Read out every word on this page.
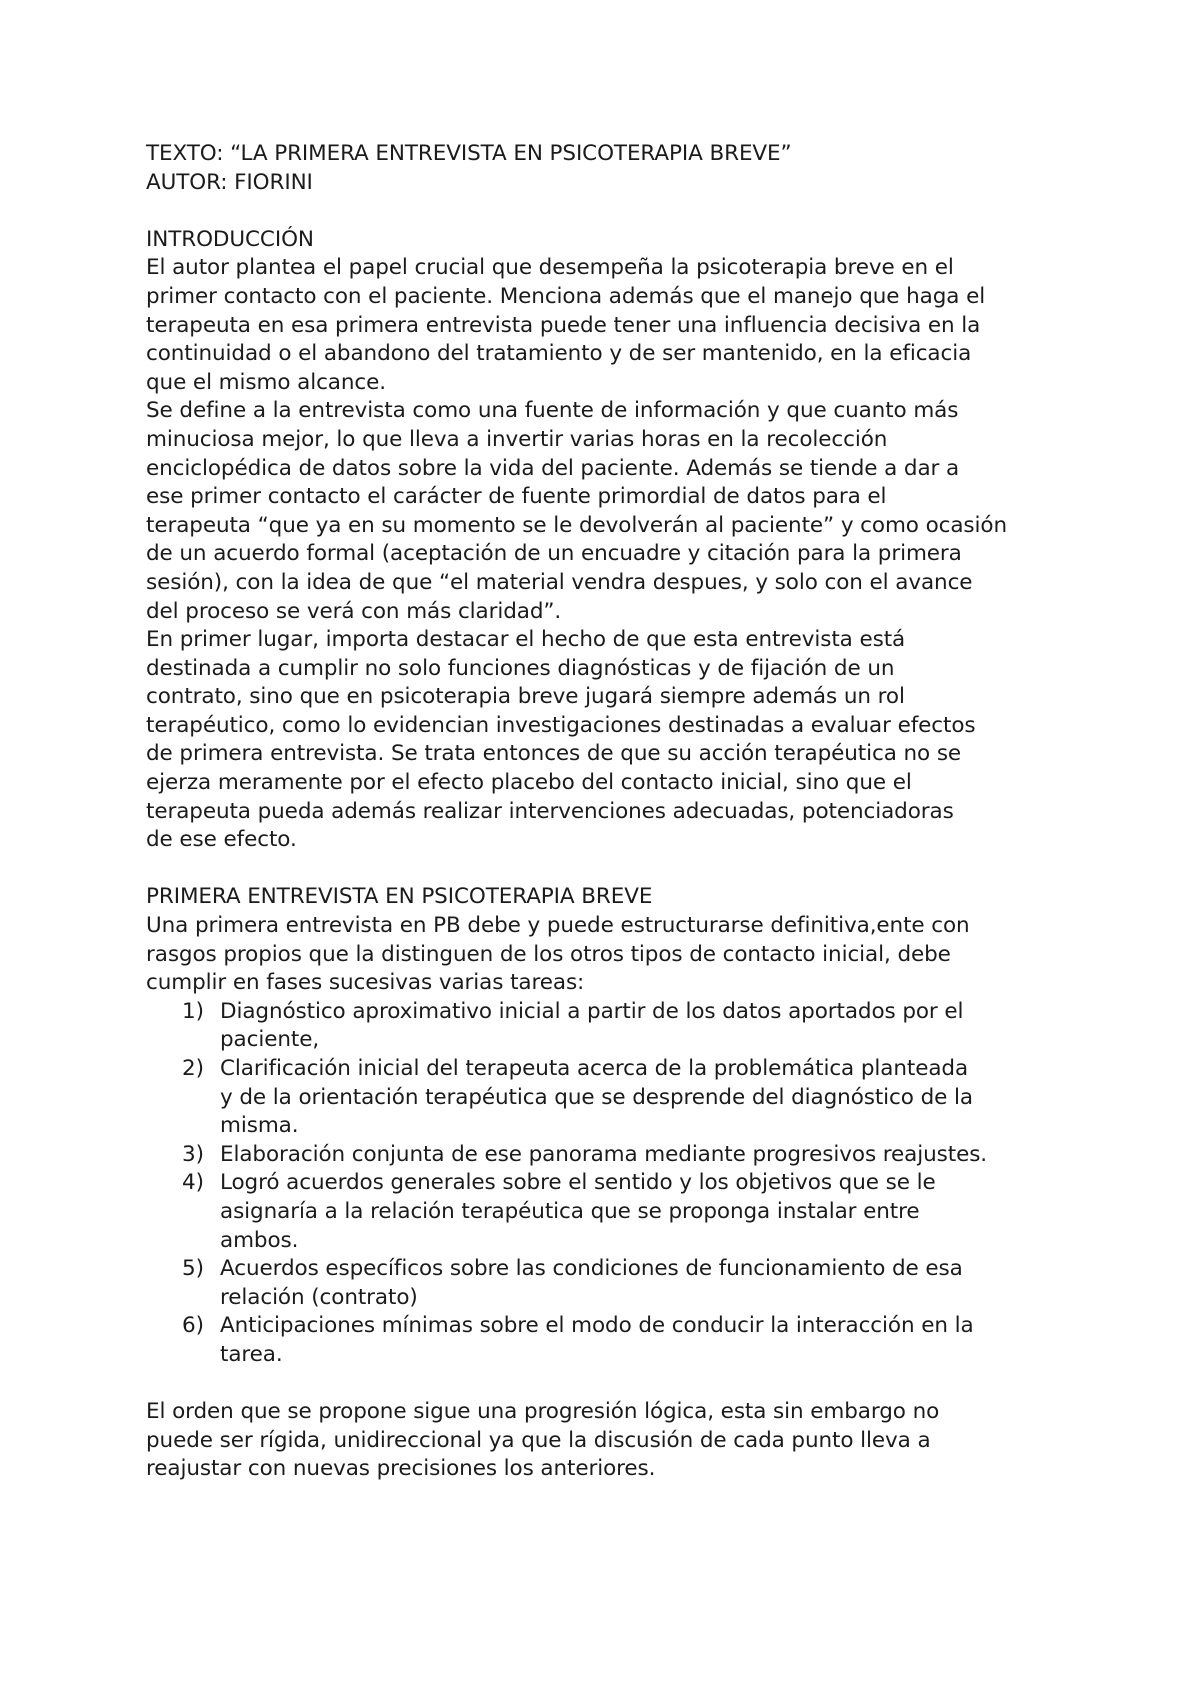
TEXTO: “LA PRIMERA ENTREVISTA EN PSICOTERAPIA BREVE”
AUTOR: FIORINI
INTRODUCCIÓN
El autor plantea el papel crucial que desempeña la psicoterapia breve en el
primer contacto con el paciente. Menciona además que el manejo que haga el
terapeuta en esa primera entrevista puede tener una influencia decisiva en la
continuidad o el abandono del tratamiento y de ser mantenido, en la eficacia
que el mismo alcance.
Se define a la entrevista como una fuente de información y que cuanto más
minuciosa mejor, lo que lleva a invertir varias horas en la recolección
enciclopédica de datos sobre la vida del paciente. Además se tiende a dar a
ese primer contacto el carácter de fuente primordial de datos para el
terapeuta “que ya en su momento se le devolverán al paciente” y como ocasión
de un acuerdo formal (aceptación de un encuadre y citación para la primera
sesión), con la idea de que “el material vendra despues, y solo con el avance
del proceso se verá con más claridad”.
En primer lugar, importa destacar el hecho de que esta entrevista está
destinada a cumplir no solo funciones diagnósticas y de fijación de un
contrato, sino que en psicoterapia breve jugará siempre además un rol
terapéutico, como lo evidencian investigaciones destinadas a evaluar efectos
de primera entrevista. Se trata entonces de que su acción terapéutica no se
ejerza meramente por el efecto placebo del contacto inicial, sino que el
terapeuta pueda además realizar intervenciones adecuadas, potenciadoras
de ese efecto.
PRIMERA ENTREVISTA EN PSICOTERAPIA BREVE
Una primera entrevista en PB debe y puede estructurarse definitiva,ente con
rasgos propios que la distinguen de los otros tipos de contacto inicial, debe
cumplir en fases sucesivas varias tareas:
1) Diagnóstico aproximativo inicial a partir de los datos aportados por el
paciente,
2) Clarificación inicial del terapeuta acerca de la problemática planteada
y de la orientación terapéutica que se desprende del diagnóstico de la
misma.
3) Elaboración conjunta de ese panorama mediante progresivos reajustes.
4) Logró acuerdos generales sobre el sentido y los objetivos que se le
asignaría a la relación terapéutica que se proponga instalar entre
ambos.
5) Acuerdos específicos sobre las condiciones de funcionamiento de esa
relación (contrato)
6) Anticipaciones mínimas sobre el modo de conducir la interacción en la
tarea.
El orden que se propone sigue una progresión lógica, esta sin embargo no
puede ser rígida, unidireccional ya que la discusión de cada punto lleva a
reajustar con nuevas precisiones los anteriores.
